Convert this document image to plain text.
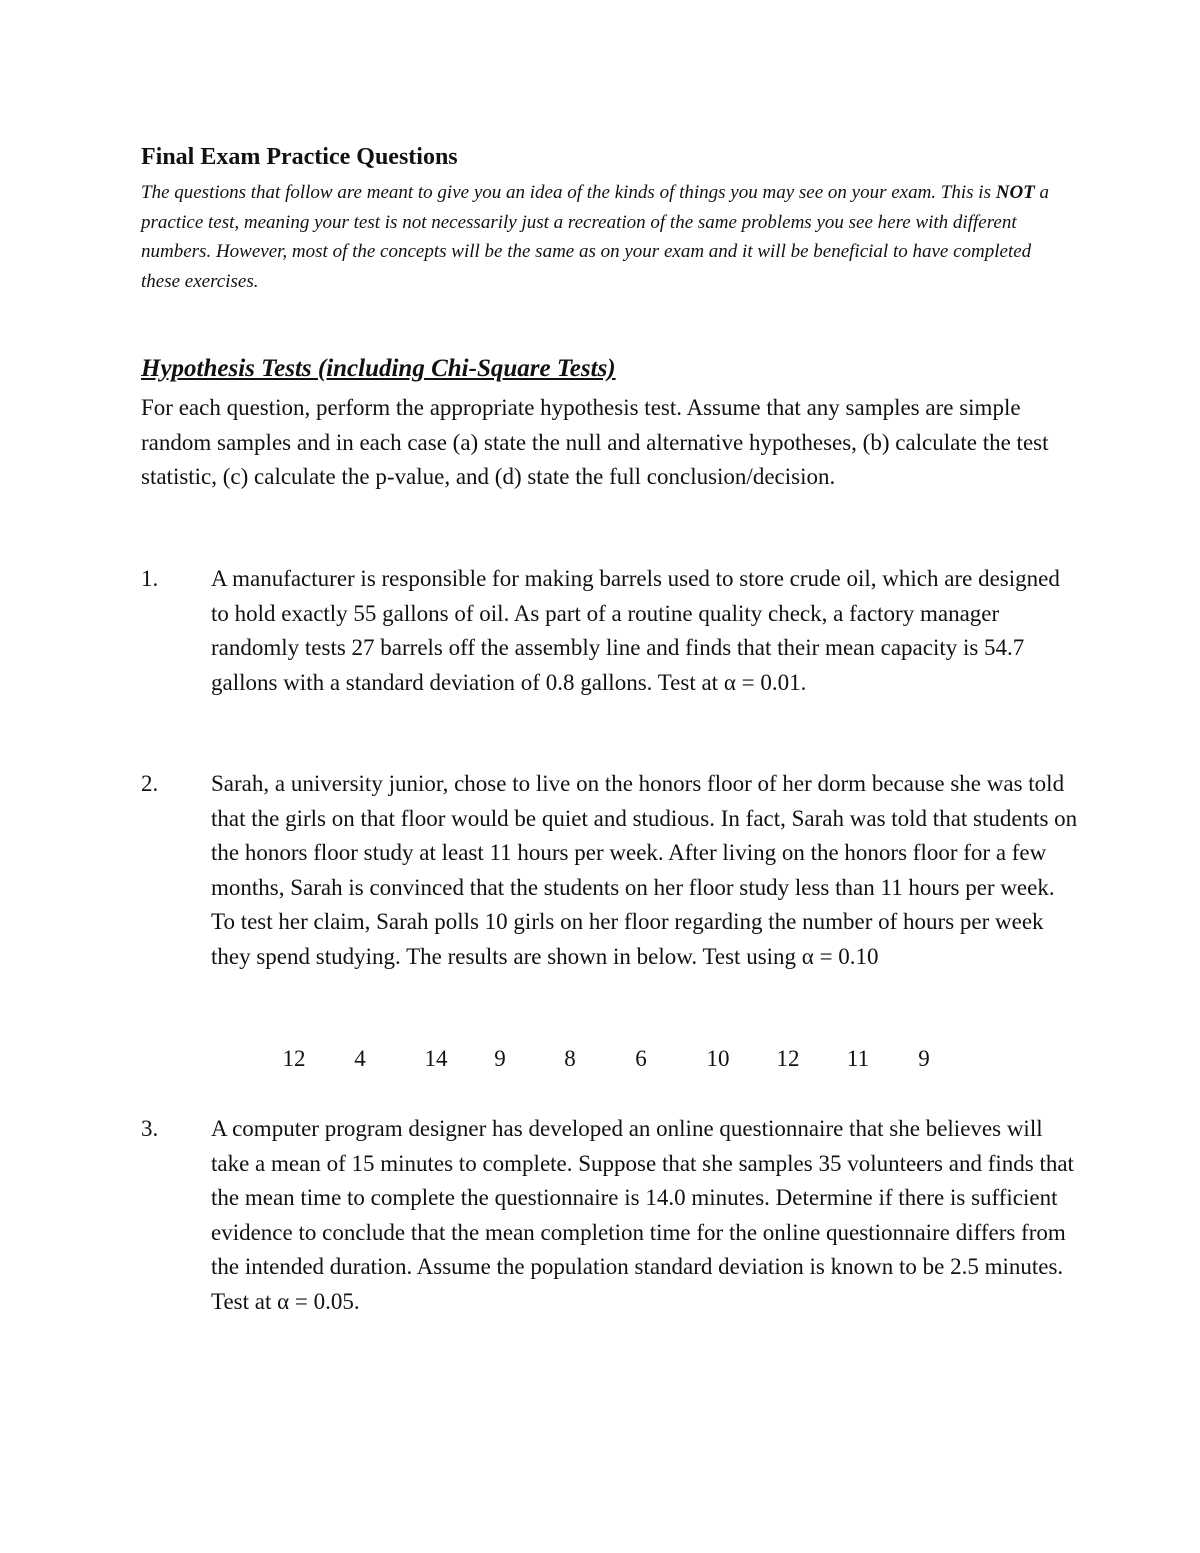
Final Exam Practice Questions
The questions that follow are meant to give you an idea of the kinds of things you may see on your exam. This is NOT a practice test, meaning your test is not necessarily just a recreation of the same problems you see here with different numbers. However, most of the concepts will be the same as on your exam and it will be beneficial to have completed these exercises.
Hypothesis Tests (including Chi-Square Tests)
For each question, perform the appropriate hypothesis test. Assume that any samples are simple random samples and in each case (a) state the null and alternative hypotheses, (b) calculate the test statistic, (c) calculate the p-value, and (d) state the full conclusion/decision.
1. A manufacturer is responsible for making barrels used to store crude oil, which are designed to hold exactly 55 gallons of oil. As part of a routine quality check, a factory manager randomly tests 27 barrels off the assembly line and finds that their mean capacity is 54.7 gallons with a standard deviation of 0.8 gallons. Test at α = 0.01.
2. Sarah, a university junior, chose to live on the honors floor of her dorm because she was told that the girls on that floor would be quiet and studious. In fact, Sarah was told that students on the honors floor study at least 11 hours per week. After living on the honors floor for a few months, Sarah is convinced that the students on her floor study less than 11 hours per week. To test her claim, Sarah polls 10 girls on her floor regarding the number of hours per week they spend studying. The results are shown in below. Test using α = 0.10
12	4	14	9	8	6	10	12	11	9
3. A computer program designer has developed an online questionnaire that she believes will take a mean of 15 minutes to complete. Suppose that she samples 35 volunteers and finds that the mean time to complete the questionnaire is 14.0 minutes. Determine if there is sufficient evidence to conclude that the mean completion time for the online questionnaire differs from the intended duration. Assume the population standard deviation is known to be 2.5 minutes. Test at α = 0.05.
